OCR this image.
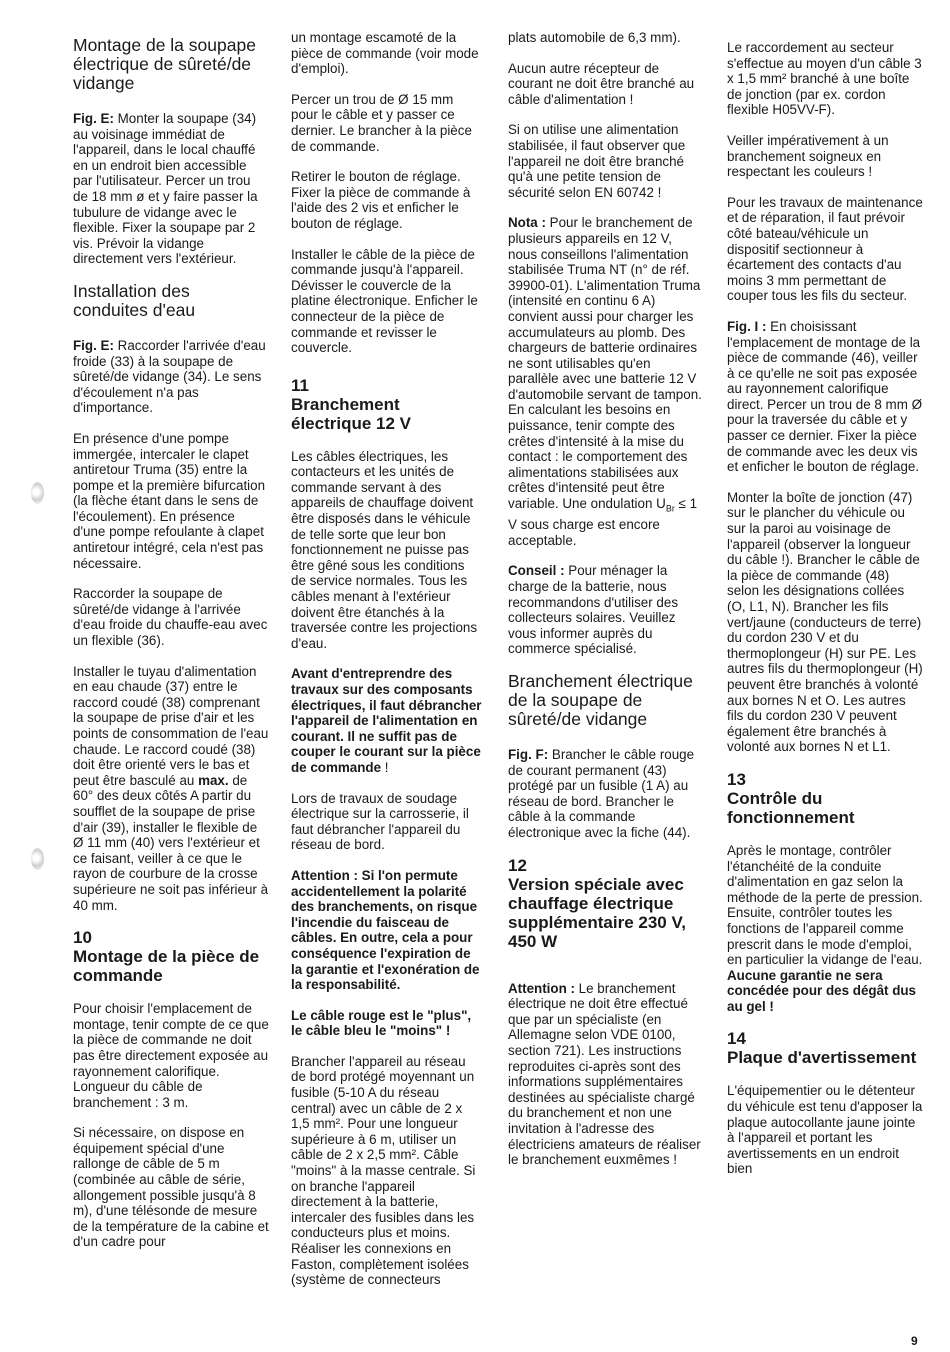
Montage de la soupape électrique de sûreté/de vidange

Fig. E: Monter la soupape (34) au voisinage immédiat de l'appareil, dans le local chauffé en un endroit bien accessible par l'utilisateur. Percer un trou de 18 mm ø et y faire passer la tubulure de vidange avec le flexible. Fixer la soupape par 2 vis. Prévoir la vidange directement vers l'extérieur.

Installation des conduites d'eau

Fig. E: Raccorder l'arrivée d'eau froide (33) à la soupape de sûreté/de vidange (34). Le sens d'écoulement n'a pas d'importance.

En présence d'une pompe immergée, intercaler le clapet antiretour Truma (35) entre la pompe et la première bifurcation (la flèche étant dans le sens de l'écoulement). En présence d'une pompe refoulante à clapet antiretour intégré, cela n'est pas nécessaire.

Raccorder la soupape de sûreté/de vidange à l'arrivée d'eau froide du chauffe-eau avec un flexible (36).

Installer le tuyau d'alimentation en eau chaude (37) entre le raccord coudé (38) comprenant la soupape de prise d'air et les points de consommation de l'eau chaude. Le raccord coudé (38) doit être orienté vers le bas et peut être basculé au max. de 60° des deux côtés A partir du soufflet de la soupape de prise d'air (39), installer le flexible de Ø 11 mm (40) vers l'extérieur et ce faisant, veiller à ce que le rayon de courbure de la crosse supérieure ne soit pas inférieur à 40 mm.

10
Montage de la pièce de commande

Pour choisir l'emplacement de montage, tenir compte de ce que la pièce de commande ne doit pas être directement exposée au rayonnement calorifique. Longueur du câble de branchement : 3 m.

Si nécessaire, on dispose en équipement spécial d'une rallonge de câble de 5 m (combinée au câble de série, allongement possible jusqu'à 8 m), d'une télésonde de mesure de la température de la cabine et d'un cadre pour

un montage escamoté de la pièce de commande (voir mode d'emploi).

Percer un trou de Ø 15 mm pour le câble et y passer ce dernier. Le brancher à la pièce de commande.

Retirer le bouton de réglage. Fixer la pièce de commande à l'aide des 2 vis et enficher le bouton de réglage.

Installer le câble de la pièce de commande jusqu'à l'appareil. Dévisser le couvercle de la platine électronique. Enficher le connecteur de la pièce de commande et revisser le couvercle.

11
Branchement électrique 12 V

Les câbles électriques, les contacteurs et les unités de commande servant à des appareils de chauffage doivent être disposés dans le véhicule de telle sorte que leur bon fonctionnement ne puisse pas être gêné sous les conditions de service normales. Tous les câbles menant à l'extérieur doivent être étanchés à la traversée contre les projections d'eau.

Avant d'entreprendre des travaux sur des composants électriques, il faut débrancher l'appareil de l'alimentation en courant. Il ne suffit pas de couper le courant sur la pièce de commande !

Lors de travaux de soudage électrique sur la carrosserie, il faut débrancher l'appareil du réseau de bord.

Attention : Si l'on permute accidentellement la polarité des branchements, on risque l'incendie du faisceau de câbles. En outre, cela a pour conséquence l'expiration de la garantie et l'exonération de la responsabilité.

Le câble rouge est le "plus", le câble bleu le "moins" !

Brancher l'appareil au réseau de bord protégé moyennant un fusible (5-10 A du réseau central) avec un câble de 2 x 1,5 mm². Pour une longueur supérieure à 6 m, utiliser un câble de 2 x 2,5 mm². Câble "moins" à la masse centrale. Si on branche l'appareil directement à la batterie, intercaler des fusibles dans les conducteurs plus et moins. Réaliser les connexions en Faston, complètement isolées (système de connecteurs

plats automobile de 6,3 mm).

Aucun autre récepteur de courant ne doit être branché au câble d'alimentation !

Si on utilise une alimentation stabilisée, il faut observer que l'appareil ne doit être branché qu'à une petite tension de sécurité selon EN 60742 !

Nota : Pour le branchement de plusieurs appareils en 12 V, nous conseillons l'alimentation stabilisée Truma NT (n° de réf. 39900-01). L'alimentation Truma (intensité en continu 6 A) convient aussi pour charger les accumulateurs au plomb. Des chargeurs de batterie ordinaires ne sont utilisables qu'en parallèle avec une batterie 12 V d'automobile servant de tampon. En calculant les besoins en puissance, tenir compte des crêtes d'intensité à la mise du contact : le comportement des alimentations stabilisées aux crêtes d'intensité peut être variable. Une ondulation $U_{Br} \le 1$ V sous charge est encore acceptable.

Conseil : Pour ménager la charge de la batterie, nous recommandons d'utiliser des collecteurs solaires. Veuillez vous informer auprès du commerce spécialisé.

Branchement électrique de la soupape de sûreté/de vidange

Fig. F: Brancher le câble rouge de courant permanent (43) protégé par un fusible (1 A) au réseau de bord. Brancher le câble à la commande électronique avec la fiche (44).

12
Version spéciale avec chauffage électrique supplémentaire 230 V, 450 W

Attention : Le branchement électrique ne doit être effectué que par un spécialiste (en Allemagne selon VDE 0100, section 721). Les instructions reproduites ci-après sont des informations supplémentaires destinées au spécialiste chargé du branchement et non une invitation à l'adresse des électriciens amateurs de réaliser le branchement euxmêmes !

Le raccordement au secteur s'effectue au moyen d'un câble 3 x 1,5 mm² branché à une boîte de jonction (par ex. cordon flexible H05VV-F).

Veiller impérativement à un branchement soigneux en respectant les couleurs !

Pour les travaux de maintenance et de réparation, il faut prévoir côté bateau/véhicule un dispositif sectionneur à écartement des contacts d'au moins 3 mm permettant de couper tous les fils du secteur.

Fig. I : En choisissant l'emplacement de montage de la pièce de commande (46), veiller à ce qu'elle ne soit pas exposée au rayonnement calorifique direct. Percer un trou de 8 mm Ø pour la traversée du câble et y passer ce dernier. Fixer la pièce de commande avec les deux vis et enficher le bouton de réglage.

Monter la boîte de jonction (47) sur le plancher du véhicule ou sur la paroi au voisinage de l'appareil (observer la longueur du câble !). Brancher le câble de la pièce de commande (48) selon les désignations collées (O, L1, N). Brancher les fils vert/jaune (conducteurs de terre) du cordon 230 V et du thermoplongeur (H) sur PE. Les autres fils du thermoplongeur (H) peuvent être branchés à volonté aux bornes N et O. Les autres fils du cordon 230 V peuvent également être branchés à volonté aux bornes N et L1.

13
Contrôle du fonctionnement

Après le montage, contrôler l'étanchéité de la conduite d'alimentation en gaz selon la méthode de la perte de pression. Ensuite, contrôler toutes les fonctions de l'appareil comme prescrit dans le mode d'emploi, en particulier la vidange de l'eau. Aucune garantie ne sera concédée pour des dégât dus au gel !

14
Plaque d'avertissement

L'équipementier ou le détenteur du véhicule est tenu d'apposer la plaque autocollante jaune jointe à l'appareil et portant les avertissements en un endroit bien

9
